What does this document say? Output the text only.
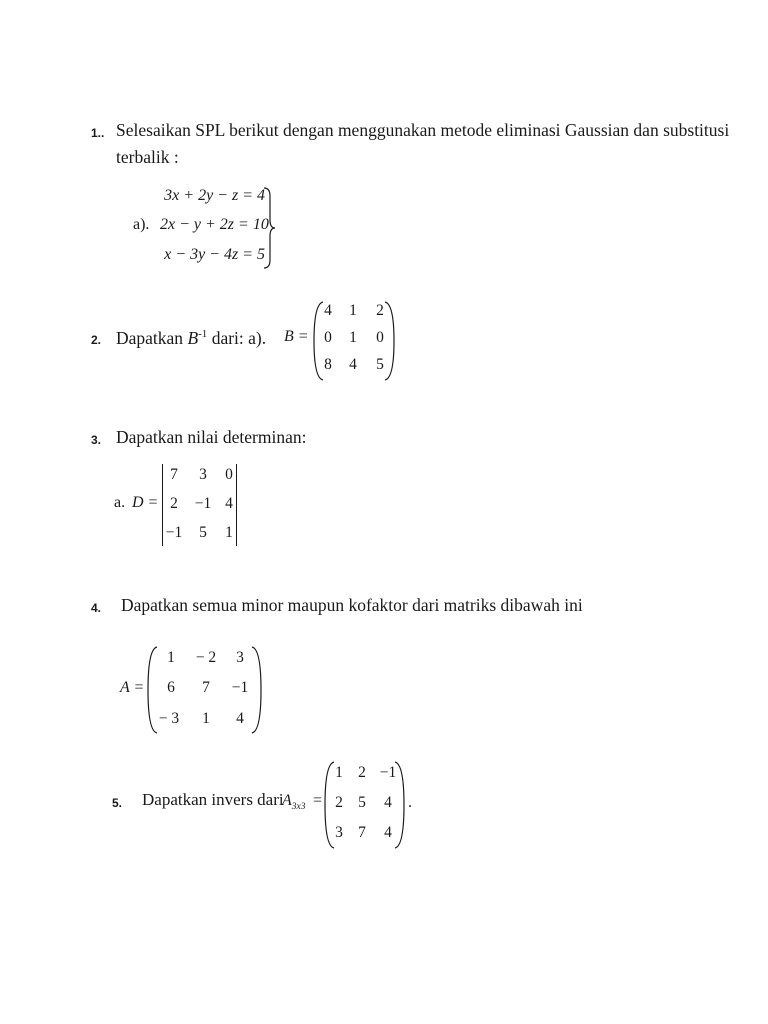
1.. Selesaikan SPL berikut dengan menggunakan metode eliminasi Gaussian dan substitusi
terbalik :
a).
3x + 2y − z = 4
2x − y + 2z = 10
x − 3y − 4z = 5
2. Dapatkan $B^{-1}$ dari: a). B =
4	1	2
0	1	0
8	4	5
3. Dapatkan nilai determinan:
a. D =
7	3	0
2	−1 4
−1	5	1
4. Dapatkan semua minor maupun kofaktor dari matriks dibawah ini
A =
1	− 2	3
6	7	−1
− 3	1	4
5. Dapatkan invers dari
$A_{3x3}$ =
1 2 −1
2 5	4
3 7	4
.
